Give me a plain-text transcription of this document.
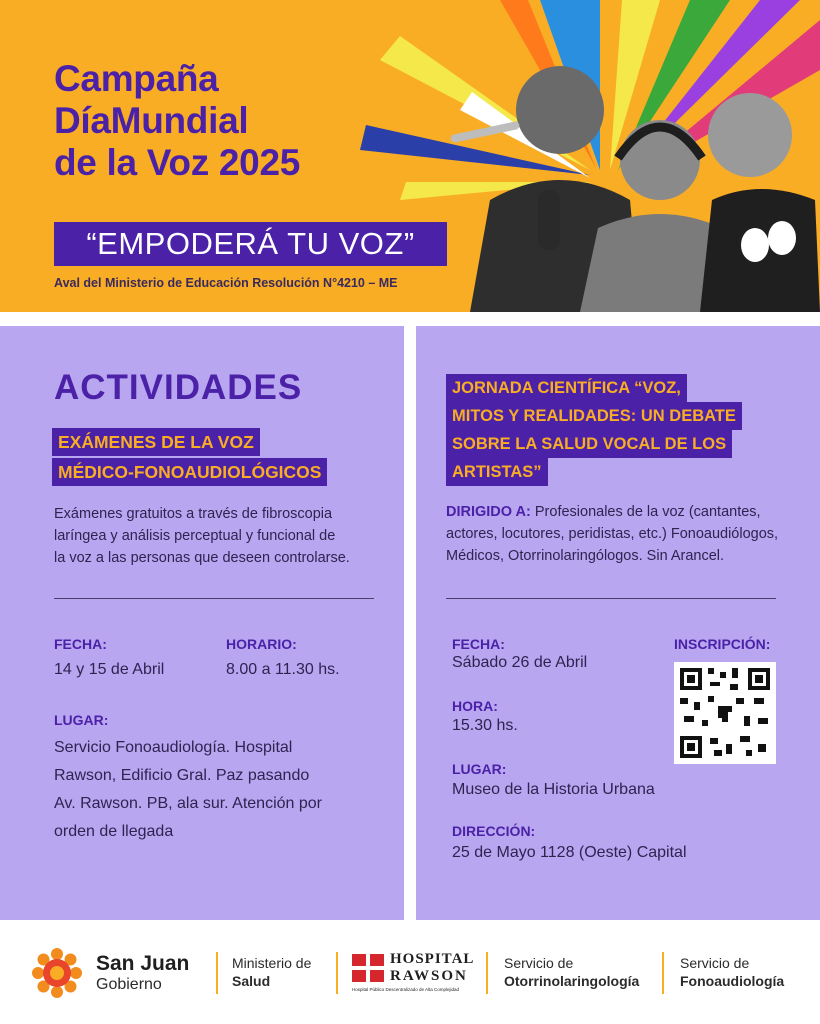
Campaña
DíaMundial
de la Voz 2025
“EMPODERÁ TU VOZ”
Aval del Ministerio de Educación Resolución N°4210 – ME
ACTIVIDADES
EXÁMENES DE LA VOZ
MÉDICO-FONOAUDIOLÓGICOS
Exámenes gratuitos a través de fibroscopia
laríngea y análisis perceptual y funcional de
la voz a las personas que deseen controlarse.
FECHA:
14 y 15 de Abril
HORARIO:
8.00 a 11.30 hs.
LUGAR:
Servicio Fonoaudiología. Hospital
Rawson, Edificio Gral. Paz pasando
Av. Rawson. PB, ala sur. Atención por
orden de llegada
JORNADA CIENTÍFICA “VOZ,
MITOS Y REALIDADES: UN DEBATE
SOBRE LA SALUD VOCAL DE LOS
ARTISTAS”
DIRIGIDO A: Profesionales de la voz (cantantes,
actores, locutores, peridistas, etc.) Fonoaudiólogos,
Médicos, Otorrinolaringólogos. Sin Arancel.
FECHA:
Sábado 26 de Abril
INSCRIPCIÓN:
HORA:
15.30 hs.
LUGAR:
Museo de la Historia Urbana
DIRECCIÓN:
25 de Mayo 1128 (Oeste) Capital
San Juan
Gobierno
Ministerio de
Salud
HOSPITAL
RAWSON
Hospital Público Descentralizado de Alta Complejidad
Servicio de
Otorrinolaringología
Servicio de
Fonoaudiología
